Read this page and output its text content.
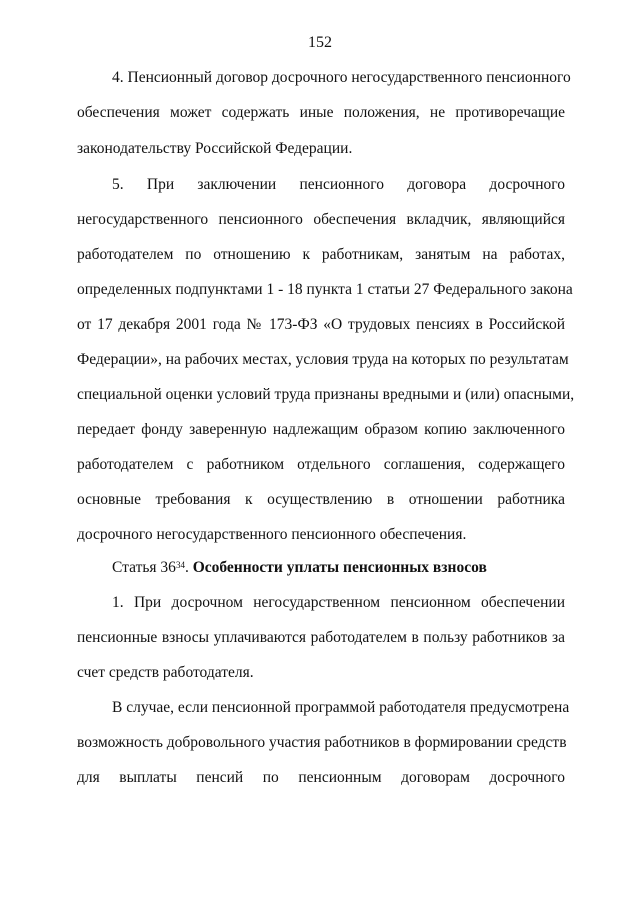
152
4. Пенсионный договор досрочного негосударственного пенсионного
обеспечения может содержать иные положения, не противоречащие
законодательству Российской Федерации.
5. При заключении пенсионного договора досрочного
негосударственного пенсионного обеспечения вкладчик, являющийся
работодателем по отношению к работникам, занятым на работах,
определенных подпунктами 1 - 18 пункта 1 статьи 27 Федерального закона
от 17 декабря 2001 года № 173-ФЗ «О трудовых пенсиях в Российской
Федерации», на рабочих местах, условия труда на которых по результатам
специальной оценки условий труда признаны вредными и (или) опасными,
передает фонду заверенную надлежащим образом копию заключенного
работодателем с работником отдельного соглашения, содержащего
основные требования к осуществлению в отношении работника
досрочного негосударственного пенсионного обеспечения.
Статья $36^{34}$. Особенности уплаты пенсионных взносов
1. При досрочном негосударственном пенсионном обеспечении
пенсионные взносы уплачиваются работодателем в пользу работников за
счет средств работодателя.
В случае, если пенсионной программой работодателя предусмотрена
возможность добровольного участия работников в формировании средств
для выплаты пенсий по пенсионным договорам досрочного
